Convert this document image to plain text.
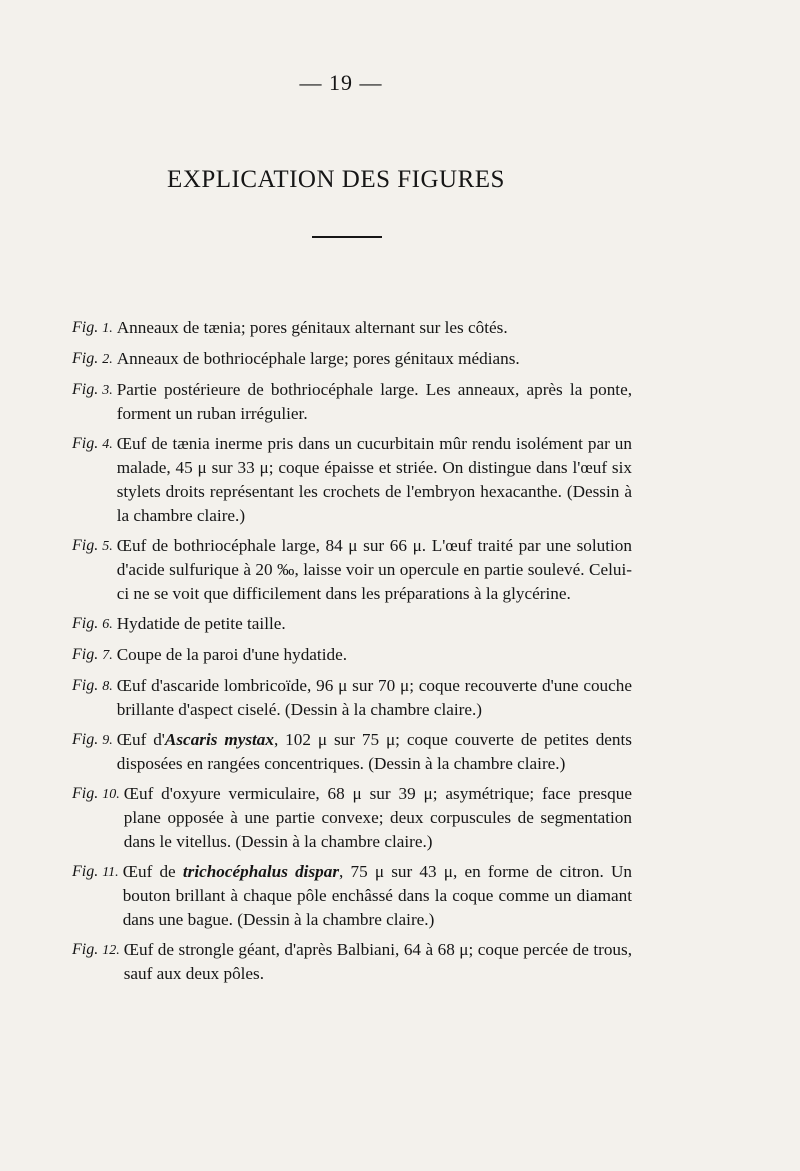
— 19 —
EXPLICATION DES FIGURES
Fig. 1. Anneaux de tænia; pores génitaux alternant sur les côtés.
Fig. 2. Anneaux de bothriocéphale large; pores génitaux médians.
Fig. 3. Partie postérieure de bothriocéphale large. Les anneaux, après la ponte, forment un ruban irrégulier.
Fig. 4. Œuf de tænia inerme pris dans un cucurbitain mûr rendu isolément par un malade, 45 μ sur 33 μ; coque épaisse et striée. On distingue dans l'œuf six stylets droits représentant les crochets de l'embryon hexacanthe. (Dessin à la chambre claire.)
Fig. 5. Œuf de bothriocéphale large, 84 μ sur 66 μ. L'œuf traité par une solution d'acide sulfurique à 20 ‰, laisse voir un opercule en partie soulevé. Celui-ci ne se voit que difficilement dans les préparations à la glycérine.
Fig. 6. Hydatide de petite taille.
Fig. 7. Coupe de la paroi d'une hydatide.
Fig. 8. Œuf d'ascaride lombricoïde, 96 μ sur 70 μ; coque recouverte d'une couche brillante d'aspect ciselé. (Dessin à la chambre claire.)
Fig. 9. Œuf d'Ascaris mystax, 102 μ sur 75 μ; coque couverte de petites dents disposées en rangées concentriques. (Dessin à la chambre claire.)
Fig. 10. Œuf d'oxyure vermiculaire, 68 μ sur 39 μ; asymétrique; face presque plane opposée à une partie convexe; deux corpuscules de segmentation dans le vitellus. (Dessin à la chambre claire.)
Fig. 11. Œuf de trichocéphalus dispar, 75 μ sur 43 μ, en forme de citron. Un bouton brillant à chaque pôle enchâssé dans la coque comme un diamant dans une bague. (Dessin à la chambre claire.)
Fig. 12. Œuf de strongle géant, d'après Balbiani, 64 à 68 μ; coque percée de trous, sauf aux deux pôles.
